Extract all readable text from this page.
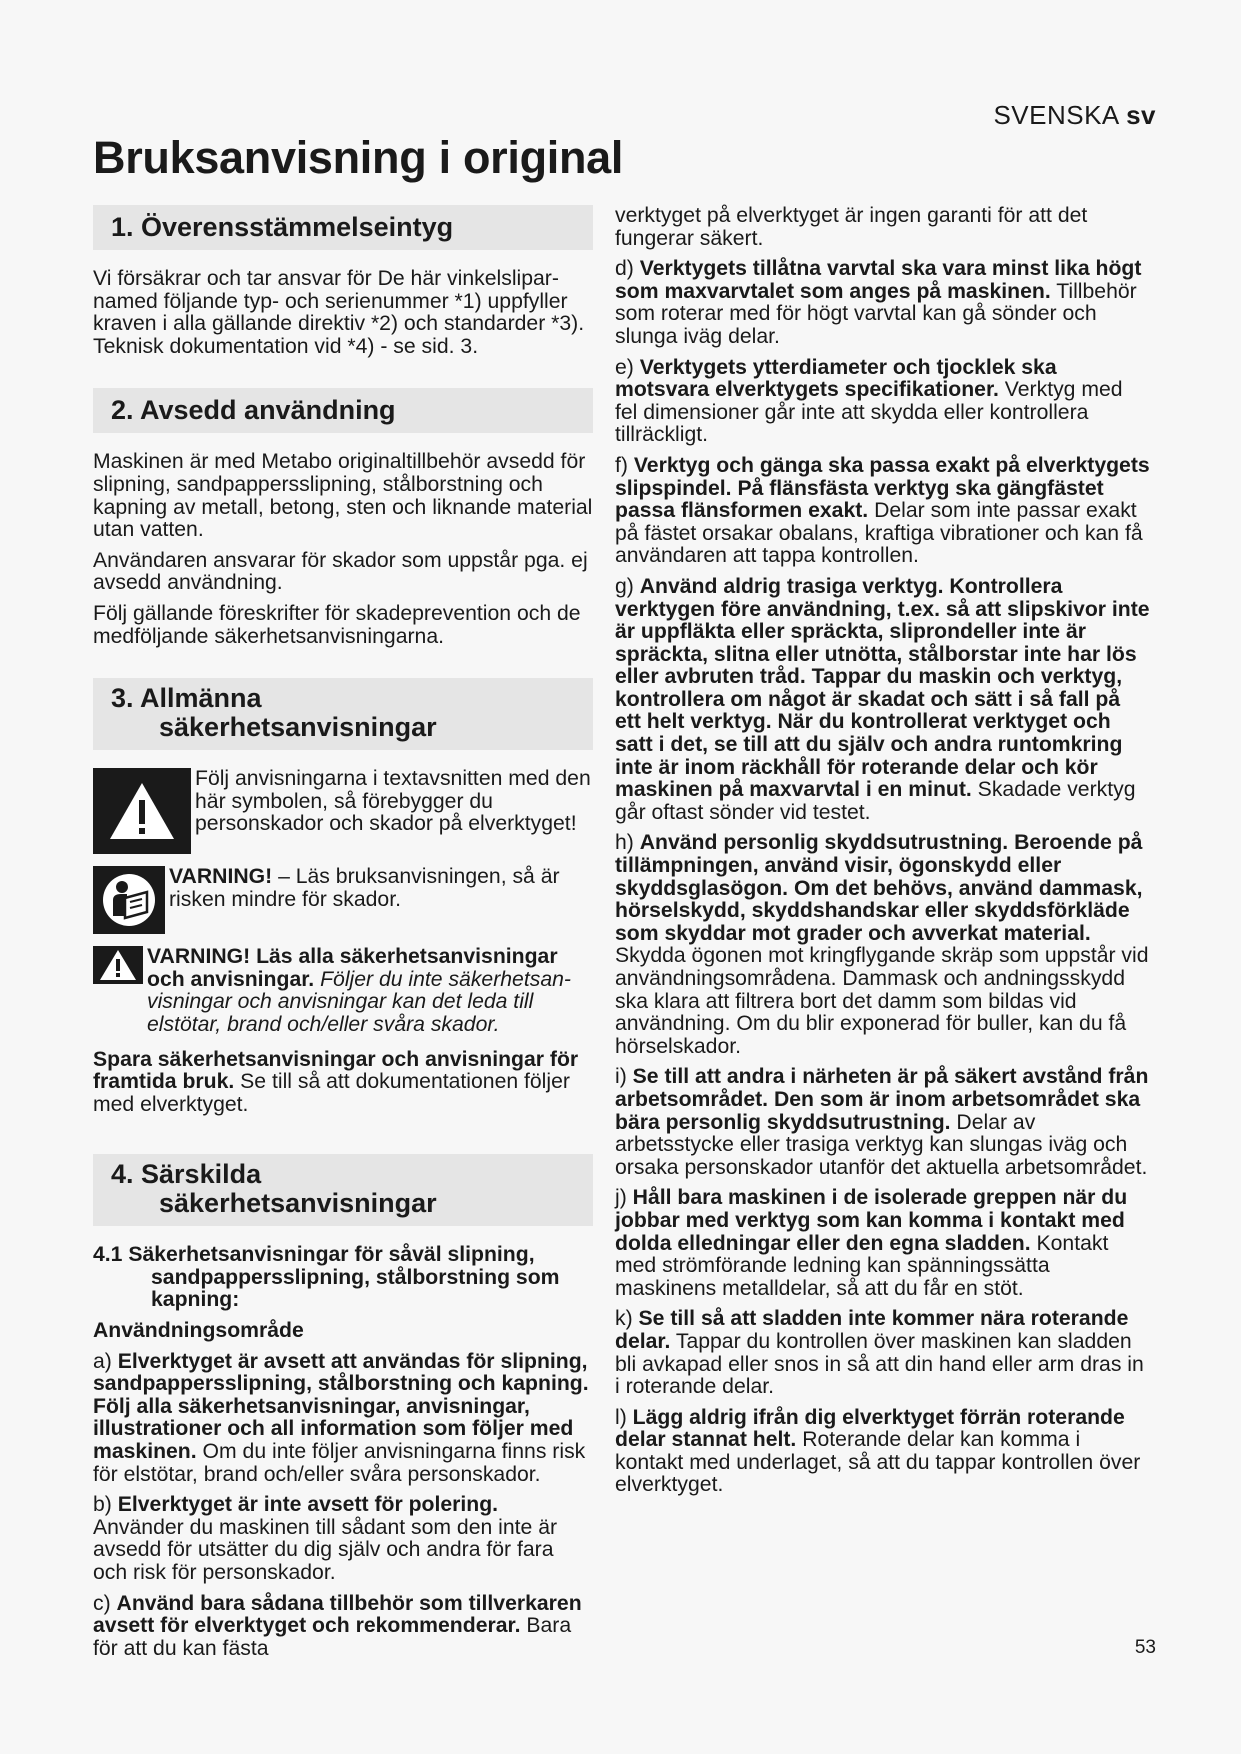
SVENSKA sv
Bruksanvisning i original
1. Överensstämmelseintyg

Vi försäkrar och tar ansvar för De här vinkelsliparnamed följande typ- och serienummer *1) uppfyller kraven i alla gällande direktiv *2) och standarder *3). Teknisk dokumentation vid *4) - se sid. 3.

2. Avsedd användning

Maskinen är med Metabo originaltillbehör avsedd för slipning, sandpappersslipning, stålborstning och kapning av metall, betong, sten och liknande material utan vatten.

Användaren ansvarar för skador som uppstår pga. ej avsedd användning.

Följ gällande föreskrifter för skadeprevention och de medföljande säkerhetsanvisningarna.

3. Allmänna
säkerhetsanvisningar
Följ anvisningarna i textavsnitten med den här symbolen, så förebygger du personskador och skador på elverktyget!
VARNING! – Läs bruksanvisningen, så är risken mindre för skador.
VARNING! Läs alla säkerhetsanvisningar och anvisningar. Följer du inte säkerhetsanvisningar och anvisningar kan det leda till elstötar, brand och/eller svåra skador.

Spara säkerhetsanvisningar och anvisningar för framtida bruk. Se till så att dokumentationen följer med elverktyget.

4. Särskilda
säkerhetsanvisningar

4.1 Säkerhetsanvisningar för såväl slipning,
sandpappersslipning, stålborstning som kapning:

Användningsområde

a) Elverktyget är avsett att användas för slipning, sandpappersslipning, stålborstning och kapning. Följ alla säkerhetsanvisningar, anvisningar, illustrationer och all information som följer med maskinen. Om du inte följer anvisningarna finns risk för elstötar, brand och/eller svåra personskador.

b) Elverktyget är inte avsett för polering. Använder du maskinen till sådant som den inte är avsedd för utsätter du dig själv och andra för fara och risk för personskador.

c) Använd bara sådana tillbehör som tillverkaren avsett för elverktyget och rekommenderar. Bara för att du kan fästa

verktyget på elverktyget är ingen garanti för att det fungerar säkert.

d) Verktygets tillåtna varvtal ska vara minst lika högt som maxvarvtalet som anges på maskinen. Tillbehör som roterar med för högt varvtal kan gå sönder och slunga iväg delar.

e) Verktygets ytterdiameter och tjocklek ska motsvara elverktygets specifikationer. Verktyg med fel dimensioner går inte att skydda eller kontrollera tillräckligt.

f) Verktyg och gänga ska passa exakt på elverktygets slipspindel. På flänsfästa verktyg ska gängfästet passa flänsformen exakt. Delar som inte passar exakt på fästet orsakar obalans, kraftiga vibrationer och kan få användaren att tappa kontrollen.

g) Använd aldrig trasiga verktyg. Kontrollera verktygen före användning, t.ex. så att slipskivor inte är uppfläkta eller spräckta, sliprondeller inte är spräckta, slitna eller utnötta, stålborstar inte har lös eller avbruten tråd. Tappar du maskin och verktyg, kontrollera om något är skadat och sätt i så fall på ett helt verktyg. När du kontrollerat verktyget och satt i det, se till att du själv och andra runtomkring inte är inom räckhåll för roterande delar och kör maskinen på maxvarvtal i en minut. Skadade verktyg går oftast sönder vid testet.

h) Använd personlig skyddsutrustning. Beroende på tillämpningen, använd visir, ögonskydd eller skyddsglasögon. Om det behövs, använd dammask, hörselskydd, skyddshandskar eller skyddsförkläde som skyddar mot grader och avverkat material. Skydda ögonen mot kringflygande skräp som uppstår vid användningsområdena. Dammask och andningsskydd ska klara att filtrera bort det damm som bildas vid användning. Om du blir exponerad för buller, kan du få hörselskador.

i) Se till att andra i närheten är på säkert avstånd från arbetsområdet. Den som är inom arbetsområdet ska bära personlig skyddsutrustning. Delar av arbetsstycke eller trasiga verktyg kan slungas iväg och orsaka personskador utanför det aktuella arbetsområdet.

j) Håll bara maskinen i de isolerade greppen när du jobbar med verktyg som kan komma i kontakt med dolda elledningar eller den egna sladden. Kontakt med strömförande ledning kan spänningssätta maskinens metalldelar, så att du får en stöt.

k) Se till så att sladden inte kommer nära roterande delar. Tappar du kontrollen över maskinen kan sladden bli avkapad eller snos in så att din hand eller arm dras in i roterande delar.

l) Lägg aldrig ifrån dig elverktyget förrän roterande delar stannat helt. Roterande delar kan komma i kontakt med underlaget, så att du tappar kontrollen över elverktyget.

53
